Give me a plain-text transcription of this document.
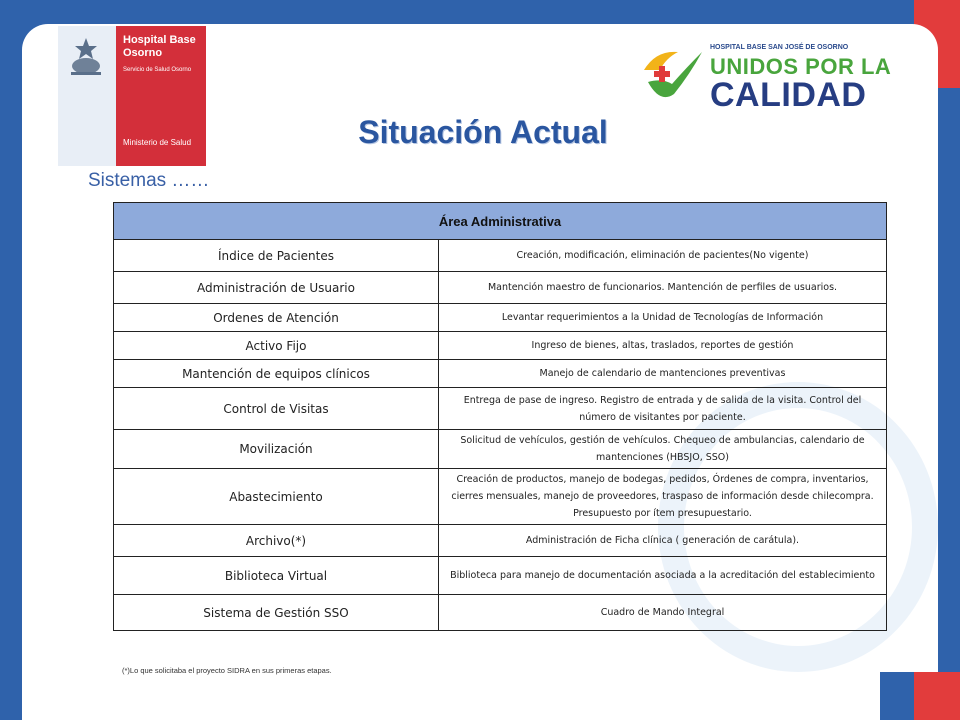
Hospital Base Osorno
Servicio de Salud Osorno
Ministerio de Salud
HOSPITAL BASE SAN JOSÉ DE OSORNO
UNIDOS POR LA
CALIDAD
Situación Actual
Sistemas ……
Área Administrativa	
Índice de Pacientes	Creación, modificación, eliminación de pacientes(No vigente)
Administración de Usuario	Mantención maestro de funcionarios. Mantención de perfiles de usuarios.
Ordenes de Atención	Levantar requerimientos a la Unidad de Tecnologías de Información
Activo Fijo	Ingreso de bienes, altas, traslados, reportes de gestión
Mantención de equipos clínicos	Manejo de calendario de mantenciones preventivas
Control de Visitas	Entrega de pase de ingreso. Registro de entrada y de salida de la visita. Control del número de visitantes por paciente.
Movilización	Solicitud de vehículos, gestión de vehículos. Chequeo de ambulancias, calendario de mantenciones (HBSJO, SSO)
Abastecimiento	Creación de productos, manejo de bodegas, pedidos, Órdenes de compra, inventarios, cierres mensuales, manejo de proveedores, traspaso de información desde chilecompra. Presupuesto por ítem presupuestario.
Archivo(*)	Administración de Ficha clínica ( generación de carátula).
Biblioteca Virtual	Biblioteca para manejo de documentación asociada a la acreditación del establecimiento
Sistema de Gestión SSO	Cuadro de Mando Integral
(*)Lo que solicitaba el proyecto SIDRA en sus primeras etapas.
